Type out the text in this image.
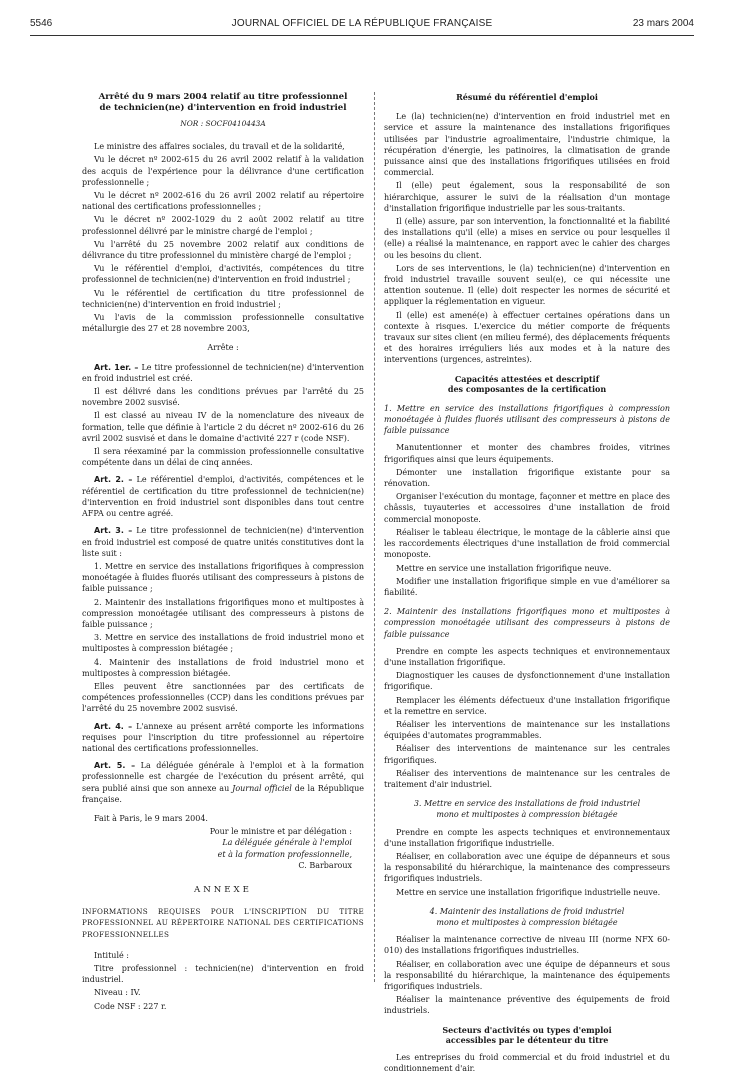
5546	JOURNAL OFFICIEL DE LA RÉPUBLIQUE FRANÇAISE	23 mars 2004

Arrêté du 9 mars 2004 relatif au titre professionnel
de technicien(ne) d'intervention en froid industriel

NOR : SOCF0410443A

Le ministre des affaires sociales, du travail et de la solidarité,

Vu le décret nº 2002-615 du 26 avril 2002 relatif à la validation des acquis de l'expérience pour la délivrance d'une certification professionnelle ;

Vu le décret nº 2002-616 du 26 avril 2002 relatif au répertoire national des certifications professionnelles ;

Vu le décret nº 2002-1029 du 2 août 2002 relatif au titre professionnel délivré par le ministre chargé de l'emploi ;

Vu l'arrêté du 25 novembre 2002 relatif aux conditions de délivrance du titre professionnel du ministère chargé de l'emploi ;

Vu le référentiel d'emploi, d'activités, compétences du titre professionnel de technicien(ne) d'intervention en froid industriel ;

Vu le référentiel de certification du titre professionnel de technicien(ne) d'intervention en froid industriel ;

Vu l'avis de la commission professionnelle consultative métallurgie des 27 et 28 novembre 2003,

Arrête :

Art. 1er. – Le titre professionnel de technicien(ne) d'intervention en froid industriel est créé.

Il est délivré dans les conditions prévues par l'arrêté du 25 novembre 2002 susvisé.

Il est classé au niveau IV de la nomenclature des niveaux de formation, telle que définie à l'article 2 du décret nº 2002-616 du 26 avril 2002 susvisé et dans le domaine d'activité 227 r (code NSF).

Il sera réexaminé par la commission professionnelle consultative compétente dans un délai de cinq années.

Art. 2. – Le référentiel d'emploi, d'activités, compétences et le référentiel de certification du titre professionnel de technicien(ne) d'intervention en froid industriel sont disponibles dans tout centre AFPA ou centre agréé.

Art. 3. – Le titre professionnel de technicien(ne) d'intervention en froid industriel est composé de quatre unités constitutives dont la liste suit :

1. Mettre en service des installations frigorifiques à compression monoétagée à fluides fluorés utilisant des compresseurs à pistons de faible puissance ;

2. Maintenir des installations frigorifiques mono et multipostes à compression monoétagée utilisant des compresseurs à pistons de faible puissance ;

3. Mettre en service des installations de froid industriel mono et multipostes à compression biétagée ;

4. Maintenir des installations de froid industriel mono et multipostes à compression biétagée.

Elles peuvent être sanctionnées par des certificats de compétences professionnelles (CCP) dans les conditions prévues par l'arrêté du 25 novembre 2002 susvisé.

Art. 4. – L'annexe au présent arrêté comporte les informations requises pour l'inscription du titre professionnel au répertoire national des certifications professionnelles.

Art. 5. – La déléguée générale à l'emploi et à la formation professionnelle est chargée de l'exécution du présent arrêté, qui sera publié ainsi que son annexe au Journal officiel de la République française.

Fait à Paris, le 9 mars 2004.

Pour le ministre et par délégation :

La déléguée générale à l'emploi

et à la formation professionnelle,

C. Barbaroux

ANNEXE

INFORMATIONS REQUISES POUR L'INSCRIPTION DU TITRE PROFESSIONNEL AU RÉPERTOIRE NATIONAL DES CERTIFICATIONS PROFESSIONNELLES

Intitulé :

Titre professionnel : technicien(ne) d'intervention en froid industriel.

Niveau : IV.

Code NSF : 227 r.

Résumé du référentiel d'emploi

Le (la) technicien(ne) d'intervention en froid industriel met en service et assure la maintenance des installations frigorifiques utilisées par l'industrie agroalimentaire, l'industrie chimique, la récupération d'énergie, les patinoires, la climatisation de grande puissance ainsi que des installations frigorifiques utilisées en froid commercial.

Il (elle) peut également, sous la responsabilité de son hiérarchique, assurer le suivi de la réalisation d'un montage d'installation frigorifique industrielle par les sous-traitants.

Il (elle) assure, par son intervention, la fonctionnalité et la fiabilité des installations qu'il (elle) a mises en service ou pour lesquelles il (elle) a réalisé la maintenance, en rapport avec le cahier des charges ou les besoins du client.

Lors de ses interventions, le (la) technicien(ne) d'intervention en froid industriel travaille souvent seul(e), ce qui nécessite une attention soutenue. Il (elle) doit respecter les normes de sécurité et appliquer la réglementation en vigueur.

Il (elle) est amené(e) à effectuer certaines opérations dans un contexte à risques. L'exercice du métier comporte de fréquents travaux sur sites client (en milieu fermé), des déplacements fréquents et des horaires irréguliers liés aux modes et à la nature des interventions (urgences, astreintes).

Capacités attestées et descriptif
des composantes de la certification

1. Mettre en service des installations frigorifiques à compression monoétagée à fluides fluorés utilisant des compresseurs à pistons de faible puissance

Manutentionner et monter des chambres froides, vitrines frigorifiques ainsi que leurs équipements.

Démonter une installation frigorifique existante pour sa rénovation.

Organiser l'exécution du montage, façonner et mettre en place des châssis, tuyauteries et accessoires d'une installation de froid commercial monoposte.

Réaliser le tableau électrique, le montage de la câblerie ainsi que les raccordements électriques d'une installation de froid commercial monoposte.

Mettre en service une installation frigorifique neuve.

Modifier une installation frigorifique simple en vue d'améliorer sa fiabilité.

2. Maintenir des installations frigorifiques mono et multipostes à compression monoétagée utilisant des compresseurs à pistons de faible puissance

Prendre en compte les aspects techniques et environnementaux d'une installation frigorifique.

Diagnostiquer les causes de dysfonctionnement d'une installation frigorifique.

Remplacer les éléments défectueux d'une installation frigorifique et la remettre en service.

Réaliser les interventions de maintenance sur les installations équipées d'automates programmables.

Réaliser des interventions de maintenance sur les centrales frigorifiques.

Réaliser des interventions de maintenance sur les centrales de traitement d'air industriel.

3. Mettre en service des installations de froid industriel
mono et multipostes à compression biétagée

Prendre en compte les aspects techniques et environnementaux d'une installation frigorifique industrielle.

Réaliser, en collaboration avec une équipe de dépanneurs et sous la responsabilité du hiérarchique, la maintenance des compresseurs frigorifiques industriels.

Mettre en service une installation frigorifique industrielle neuve.

4. Maintenir des installations de froid industriel
mono et multipostes à compression biétagée

Réaliser la maintenance corrective de niveau III (norme NFX 60-010) des installations frigorifiques industrielles.

Réaliser, en collaboration avec une équipe de dépanneurs et sous la responsabilité du hiérarchique, la maintenance des équipements frigorifiques industriels.

Réaliser la maintenance préventive des équipements de froid industriels.

Secteurs d'activités ou types d'emploi
accessibles par le détenteur du titre

Les entreprises du froid commercial et du froid industriel et du conditionnement d'air.
